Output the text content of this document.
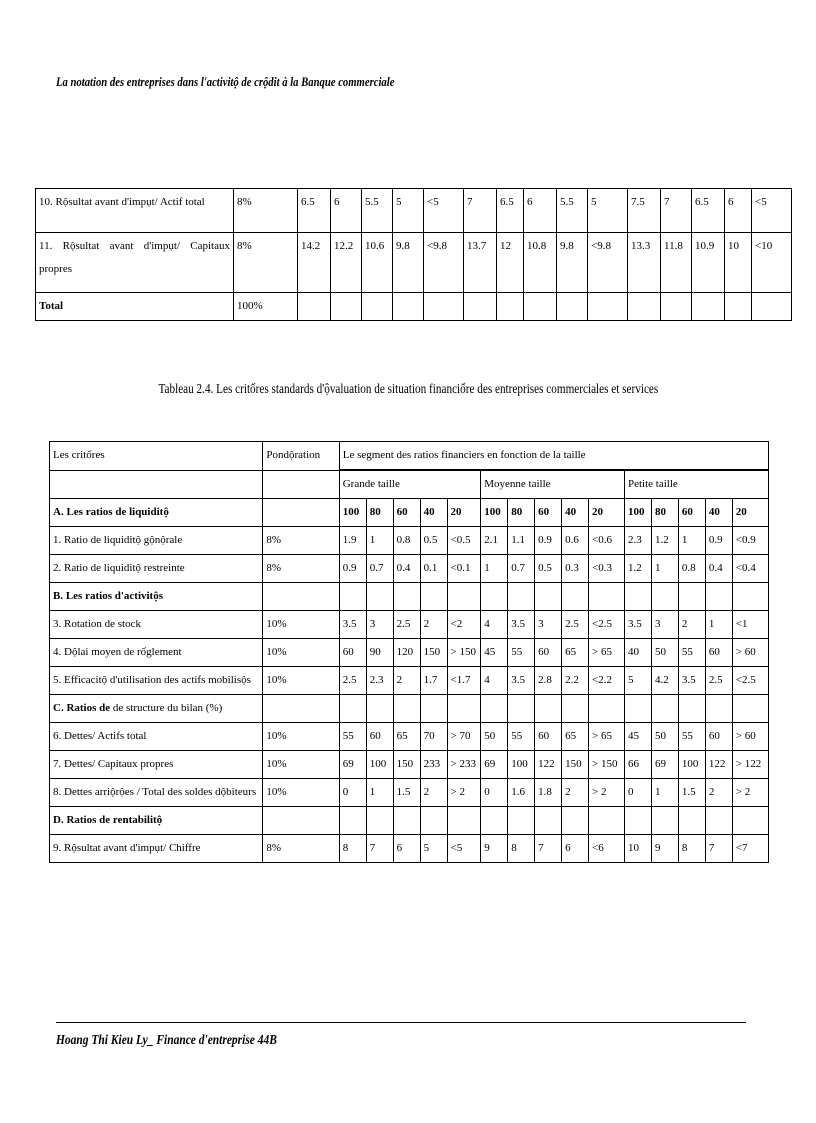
La notation des entreprises dans l'activitộ de crộdit à la Banque commerciale
10. Rộsultat avant d'impụt/ Actif total	8%	6.5	6	5.5	5	<5	7	6.5	6	5.5	5	7.5	7	6.5	6	<5
11. Rộsultat avant d'impụt/ Capitaux propres	8%	14.2	12.2	10.6	9.8	<9.8	13.7	12	10.8	9.8	<9.8	13.3	11.8	10.9	10	<10
Total	100%															
Tableau 2.4. Les critốres standards d'ộvaluation de situation financiốre des entreprises commerciales et services
Les critốres	Pondộration	Le segment des ratios financiers en fonction de la taille														

		Grande taille					Moyenne taille					Petite taille				
A. Les ratios de liquiditộ		100	80	60	40	20	100	80	60	40	20	100	80	60	40	20
1. Ratio de liquiditộ gộnộrale	8%	1.9	1	0.8	0.5	<0.5	2.1	1.1	0.9	0.6	<0.6	2.3	1.2	1	0.9	<0.9
2. Ratio de liquiditộ restreinte	8%	0.9	0.7	0.4	0.1	<0.1	1	0.7	0.5	0.3	<0.3	1.2	1	0.8	0.4	<0.4
B. Les ratios d'activitộs																
3. Rotation de stock	10%	3.5	3	2.5	2	<2	4	3.5	3	2.5	<2.5	3.5	3	2	1	<1
4. Dộlai moyen de rốglement	10%	60	90	120	150	> 150	45	55	60	65	> 65	40	50	55	60	> 60
5. Efficacitộ d'utilisation des actifs mobilisộs	10%	2.5	2.3	2	1.7	<1.7	4	3.5	2.8	2.2	<2.2	5	4.2	3.5	2.5	<2.5
C. Ratios de de structure du bilan (%)																
6. Dettes/ Actifs total	10%	55	60	65	70	> 70	50	55	60	65	> 65	45	50	55	60	> 60
7. Dettes/ Capitaux propres	10%	69	100	150	233	> 233	69	100	122	150	> 150	66	69	100	122	> 122
8. Dettes arriộrộes / Total des soldes dộbiteurs	10%	0	1	1.5	2	> 2	0	1.6	1.8	2	> 2	0	1	1.5	2	> 2
D. Ratios de rentabilitộ																
9. Rộsultat avant d'impụt/ Chiffre	8%	8	7	6	5	<5	9	8	7	6	<6	10	9	8	7	<7
Hoang Thi Kieu Ly_ Finance d'entreprise 44B
